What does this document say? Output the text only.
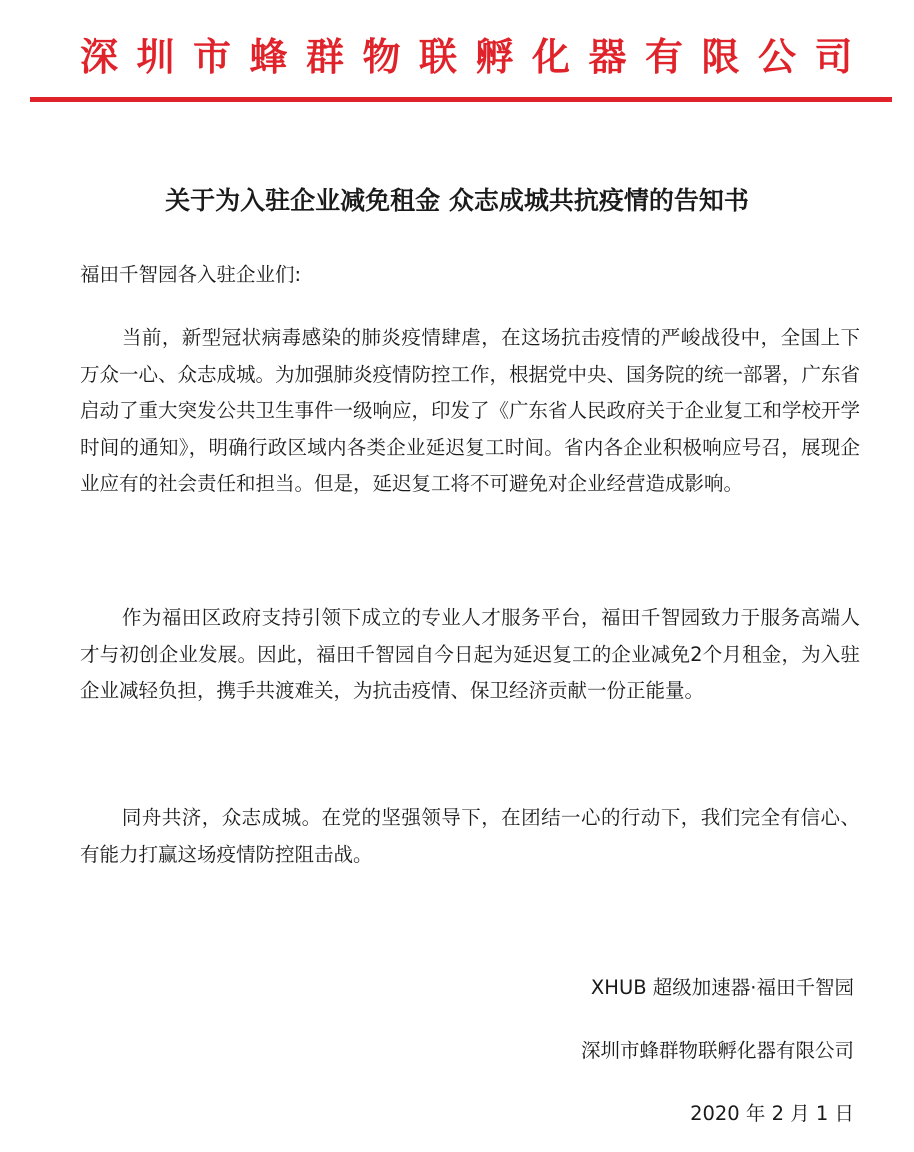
深圳市蜂群物联孵化器有限公司
关于为入驻企业减免租金 众志成城共抗疫情的告知书
福田千智园各入驻企业们:

当前，新型冠状病毒感染的肺炎疫情肆虐，在这场抗击疫情的严峻战役中，全国上下万众一心、众志成城。为加强肺炎疫情防控工作，根据党中央、国务院的统一部署，广东省启动了重大突发公共卫生事件一级响应，印发了《广东省人民政府关于企业复工和学校开学时间的通知》，明确行政区域内各类企业延迟复工时间。省内各企业积极响应号召，展现企业应有的社会责任和担当。但是，延迟复工将不可避免对企业经营造成影响。

作为福田区政府支持引领下成立的专业人才服务平台，福田千智园致力于服务高端人才与初创企业发展。因此，福田千智园自今日起为延迟复工的企业减免2个月租金，为入驻企业减轻负担，携手共渡难关，为抗击疫情、保卫经济贡献一份正能量。

同舟共济，众志成城。在党的坚强领导下，在团结一心的行动下，我们完全有信心、有能力打赢这场疫情防控阻击战。

XHUB 超级加速器·福田千智园
深圳市蜂群物联孵化器有限公司
2020 年 2 月 1 日
